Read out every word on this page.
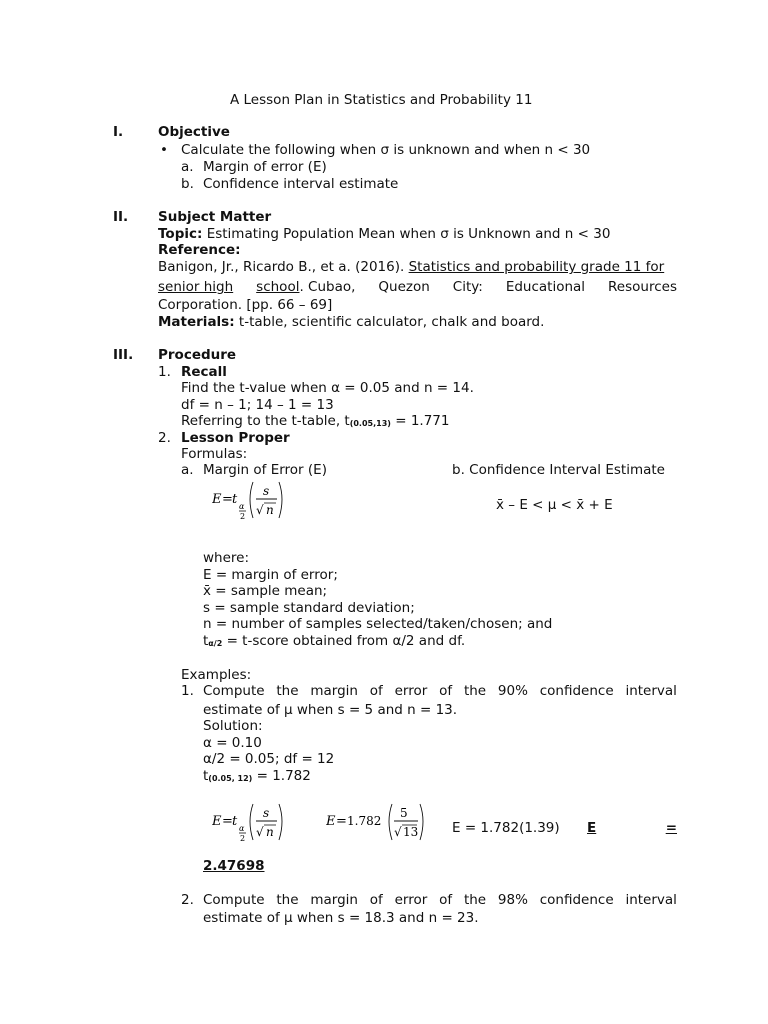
A Lesson Plan in Statistics and Probability 11
I.	Objective
• Calculate the following when σ is unknown and when n < 30
a. Margin of error (E)
b. Confidence interval estimate
II. Subject Matter
Topic: Estimating Population Mean when σ is Unknown and n < 30
Reference:
Banigon, Jr., Ricardo B., et a. (2016). Statistics and probability grade 11 for
senior high school. Cubao, Quezon City: Educational Resources
Corporation. [pp. 66 – 69]
Materials: t-table, scientific calculator, chalk and board.
III. Procedure
1. Recall
Find the t-value when α = 0.05 and n = 14.
df = n – 1; 14 – 1 = 13
Referring to the t-table, $t_{(0.05,13)} = 1.771$
2. Lesson Proper
Formulas:
a. Margin of Error (E)	b. Confidence Interval Estimate
E = t α
2
s
√ n	x̄ – E < μ < x̄ + E
where:
E = margin of error;
x̄ = sample mean;
s = sample standard deviation;
n = number of samples selected/taken/chosen; and
$t_{\alpha/2}$ = t-score obtained from α/2 and df.
Examples:
1. Compute the margin of error of the 90% confidence interval
estimate of μ when s = 5 and n = 13.
Solution:
α = 0.10
α/2 = 0.05; df = 12
$t_{(0.05, 12)} = 1.782$
E = t α
2
s
√ n
E = 1.782
5
√ 13 E = 1.782(1.39) E	=
2.47698
2. Compute the margin of error of the 98% confidence interval
estimate of μ when s = 18.3 and n = 23.
